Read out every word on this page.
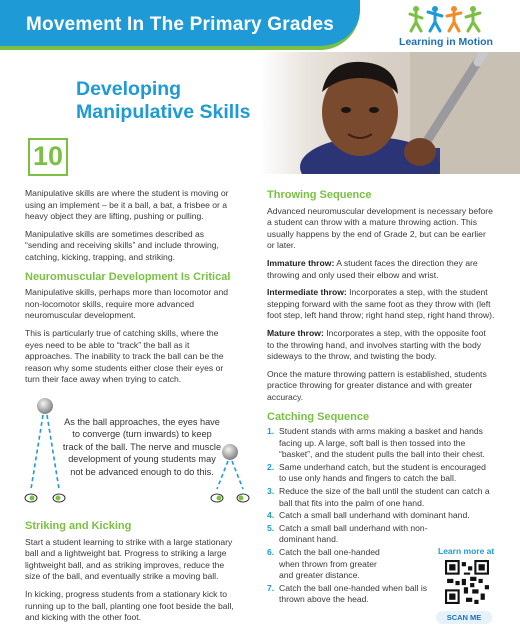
Movement In The Primary Grades
Learning in Motion
Developing Manipulative Skills
10

Manipulative skills are where the student is moving or using an implement – be it a ball, a bat, a frisbee or a heavy object they are lifting, pushing or pulling.

Manipulative skills are sometimes described as “sending and receiving skills” and include throwing, catching, kicking, trapping, and striking.

Neuromuscular Development Is Critical

Manipulative skills, perhaps more than locomotor and non-locomotor skills, require more advanced neuromuscular development.

This is particularly true of catching skills, where the eyes need to be able to “track” the ball as it approaches. The inability to track the ball can be the reason why some students either close their eyes or turn their face away when trying to catch.

As the ball approaches, the eyes have to converge (turn inwards) to keep track of the ball. The nerve and muscle development of young students may not be advanced enough to do this.
Striking and Kicking

Start a student learning to strike with a large stationary ball and a lightweight bat. Progress to striking a large lightweight ball, and as striking improves, reduce the size of the ball, and eventually strike a moving ball.

In kicking, progress students from a stationary kick to running up to the ball, planting one foot beside the ball, and kicking with the other foot.

Throwing Sequence

Advanced neuromuscular development is necessary before a student can throw with a mature throwing action. This usually happens by the end of Grade 2, but can be earlier or later.

Immature throw: A student faces the direction they are throwing and only used their elbow and wrist.

Intermediate throw: Incorporates a step, with the student stepping forward with the same foot as they throw with (left foot step, left hand throw; right hand step, right hand throw).

Mature throw: Incorporates a step, with the opposite foot to the throwing hand, and involves starting with the body sideways to the throw, and twisting the body.

Once the mature throwing pattern is established, students practice throwing for greater distance and with greater accuracy.

Catching Sequence
1. Student stands with arms making a basket and hands facing up. A large, soft ball is then tossed into the “basket”, and the student pulls the ball into their chest.
2. Same underhand catch, but the student is encouraged to use only hands and fingers to catch the ball.
3. Reduce the size of the ball until the student can catch a ball that fits into the palm of one hand.
4. Catch a small ball underhand with dominant hand.
5. Catch a small ball underhand with non-dominant hand.
6. Catch the ball one-handed when thrown from greater and greater distance.
7. Catch the ball one-handed when ball is thrown above the head.
Learn more at
SCAN ME
